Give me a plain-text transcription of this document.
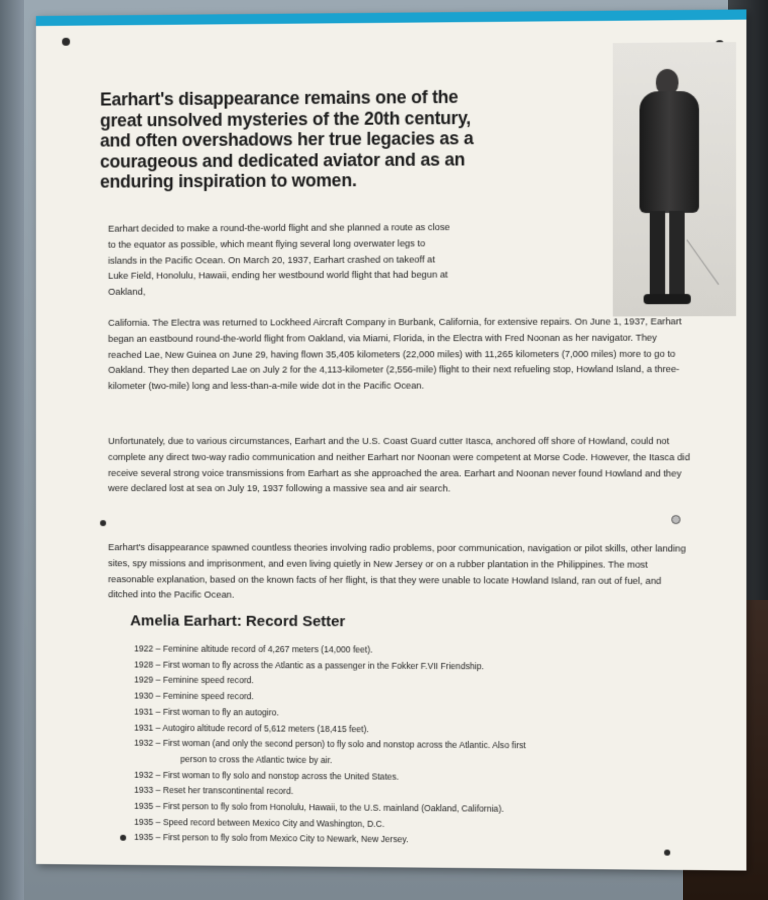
Earhart's disappearance remains one of the great unsolved mysteries of the 20th century, and often overshadows her true legacies as a courageous and dedicated aviator and as an enduring inspiration to women.
Earhart decided to make a round-the-world flight and she planned a route as close to the equator as possible, which meant flying several long overwater legs to islands in the Pacific Ocean. On March 20, 1937, Earhart crashed on takeoff at Luke Field, Honolulu, Hawaii, ending her westbound world flight that had begun at Oakland,
California. The Electra was returned to Lockheed Aircraft Company in Burbank, California, for extensive repairs. On June 1, 1937, Earhart began an eastbound round-the-world flight from Oakland, via Miami, Florida, in the Electra with Fred Noonan as her navigator. They reached Lae, New Guinea on June 29, having flown 35,405 kilometers (22,000 miles) with 11,265 kilometers (7,000 miles) more to go to Oakland. They then departed Lae on July 2 for the 4,113-kilometer (2,556-mile) flight to their next refueling stop, Howland Island, a three-kilometer (two-mile) long and less-than-a-mile wide dot in the Pacific Ocean.
Unfortunately, due to various circumstances, Earhart and the U.S. Coast Guard cutter Itasca, anchored off shore of Howland, could not complete any direct two-way radio communication and neither Earhart nor Noonan were competent at Morse Code. However, the Itasca did receive several strong voice transmissions from Earhart as she approached the area. Earhart and Noonan never found Howland and they were declared lost at sea on July 19, 1937 following a massive sea and air search.
Earhart's disappearance spawned countless theories involving radio problems, poor communication, navigation or pilot skills, other landing sites, spy missions and imprisonment, and even living quietly in New Jersey or on a rubber plantation in the Philippines. The most reasonable explanation, based on the known facts of her flight, is that they were unable to locate Howland Island, ran out of fuel, and ditched into the Pacific Ocean.
Amelia Earhart: Record Setter
1922 – Feminine altitude record of 4,267 meters (14,000 feet).
1928 – First woman to fly across the Atlantic as a passenger in the Fokker F.VII Friendship.
1929 – Feminine speed record.
1930 – Feminine speed record.
1931 – First woman to fly an autogiro.
1931 – Autogiro altitude record of 5,612 meters (18,415 feet).
1932 – First woman (and only the second person) to fly solo and nonstop across the Atlantic. Also first
person to cross the Atlantic twice by air.
1932 – First woman to fly solo and nonstop across the United States.
1933 – Reset her transcontinental record.
1935 – First person to fly solo from Honolulu, Hawaii, to the U.S. mainland (Oakland, California).
1935 – Speed record between Mexico City and Washington, D.C.
1935 – First person to fly solo from Mexico City to Newark, New Jersey.
